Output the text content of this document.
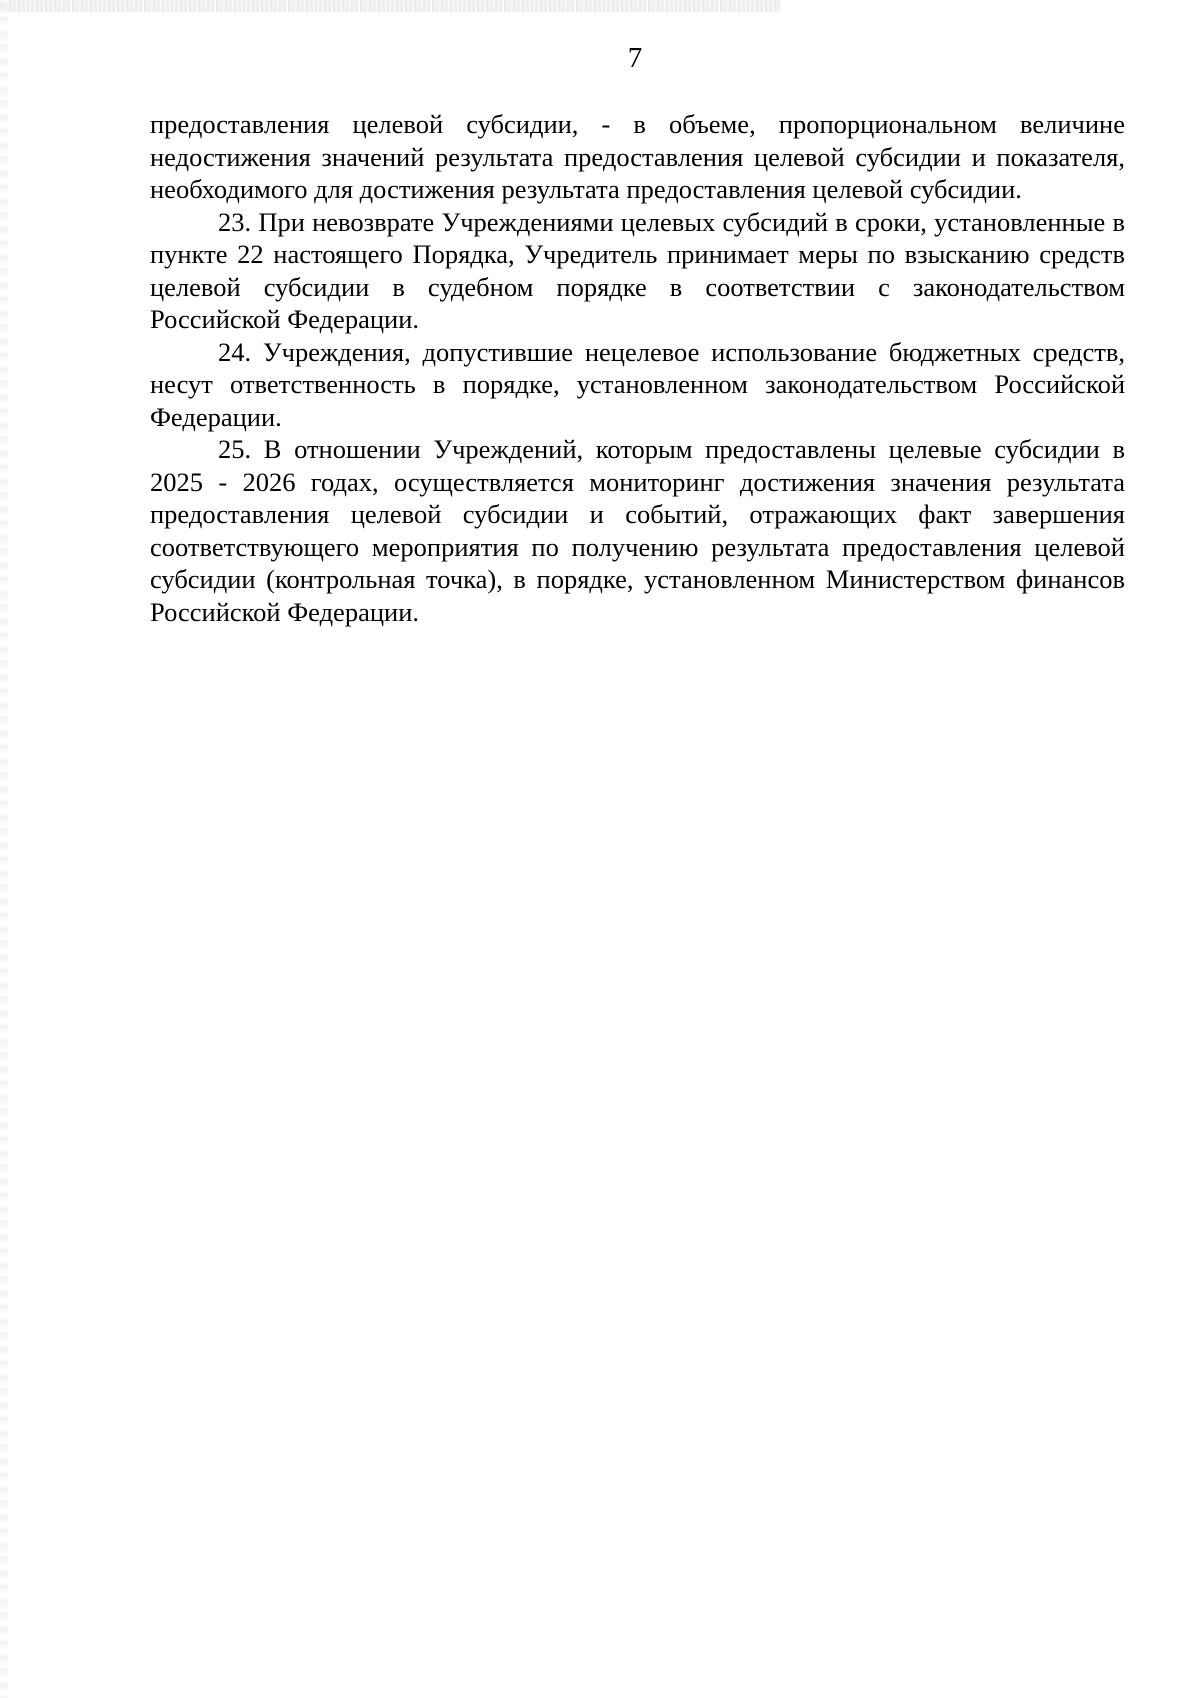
7

предоставления целевой субсидии, - в объеме, пропорциональном величине недостижения значений результата предоставления целевой субсидии и показателя, необходимого для достижения результата предоставления целевой субсидии.

23. При невозврате Учреждениями целевых субсидий в сроки, установленные в пункте 22 настоящего Порядка, Учредитель принимает меры по взысканию средств целевой субсидии в судебном порядке в соответствии с законодательством Российской Федерации.

24. Учреждения, допустившие нецелевое использование бюджетных средств, несут ответственность в порядке, установленном законодательством Российской Федерации.

25. В отношении Учреждений, которым предоставлены целевые субсидии в 2025 - 2026 годах, осуществляется мониторинг достижения значения результата предоставления целевой субсидии и событий, отражающих факт завершения соответствующего мероприятия по получению результата предоставления целевой субсидии (контрольная точка), в порядке, установленном Министерством финансов Российской Федерации.
